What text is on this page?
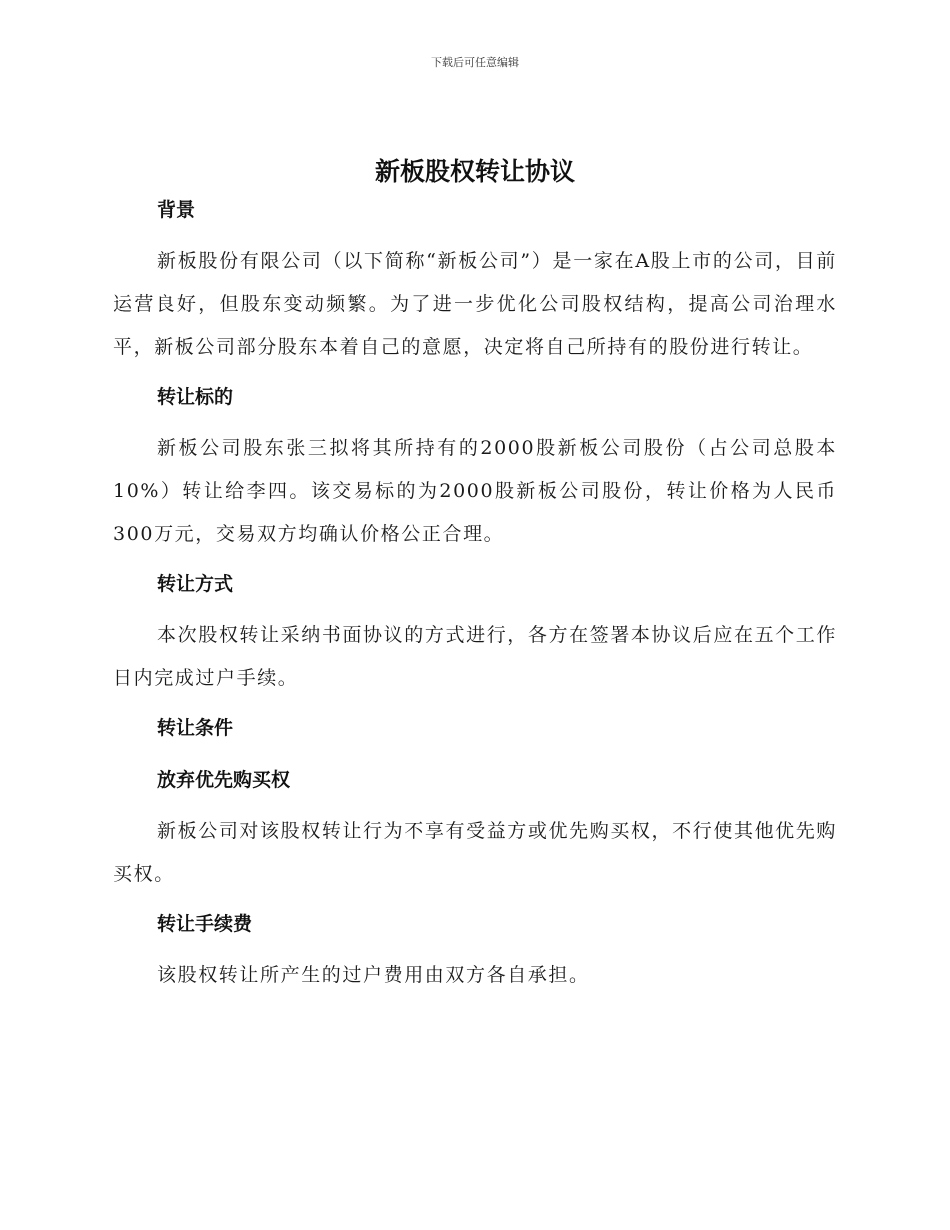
下载后可任意编辑
新板股权转让协议

背景

新板股份有限公司（以下简称“新板公司”）是一家在A股上市的公司，目前运营良好，但股东变动频繁。为了进一步优化公司股权结构，提高公司治理水平，新板公司部分股东本着自己的意愿，决定将自己所持有的股份进行转让。

转让标的

新板公司股东张三拟将其所持有的2000股新板公司股份（占公司总股本10%）转让给李四。该交易标的为2000股新板公司股份，转让价格为人民币300万元，交易双方均确认价格公正合理。

转让方式

本次股权转让采纳书面协议的方式进行，各方在签署本协议后应在五个工作日内完成过户手续。

转让条件

放弃优先购买权

新板公司对该股权转让行为不享有受益方或优先购买权，不行使其他优先购买权。

转让手续费

该股权转让所产生的过户费用由双方各自承担。
